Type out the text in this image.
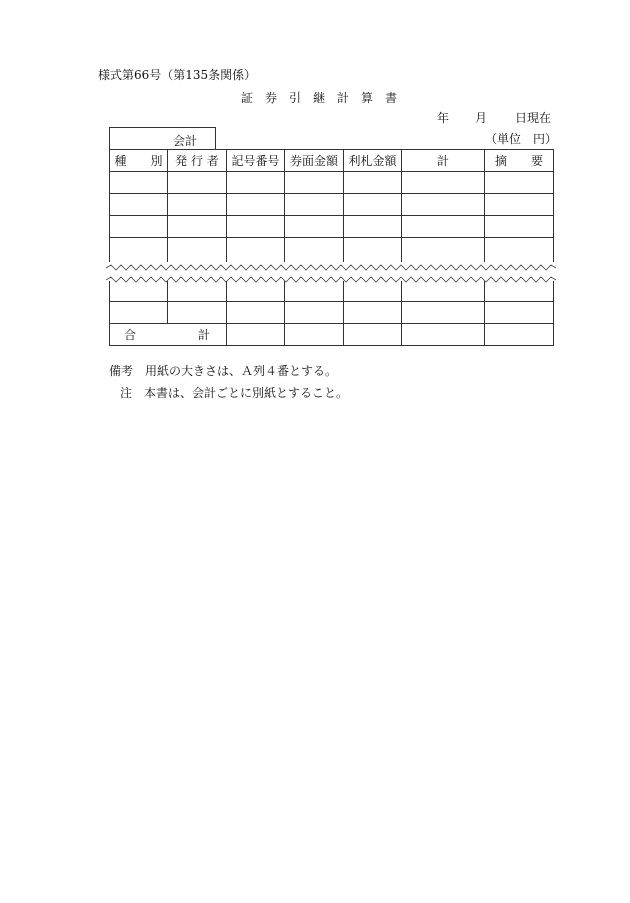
様式第66号（第135条関係）
証　券　引　継　計　算　書
年 月 日現在
会計	（単位　円）
種　　別	発 行 者	記号番号	券面金額	利札金額	計	摘　　要

合 計						

備考　用紙の大きさは、Ａ列４番とする。
注　本書は、会計ごとに別紙とすること。
